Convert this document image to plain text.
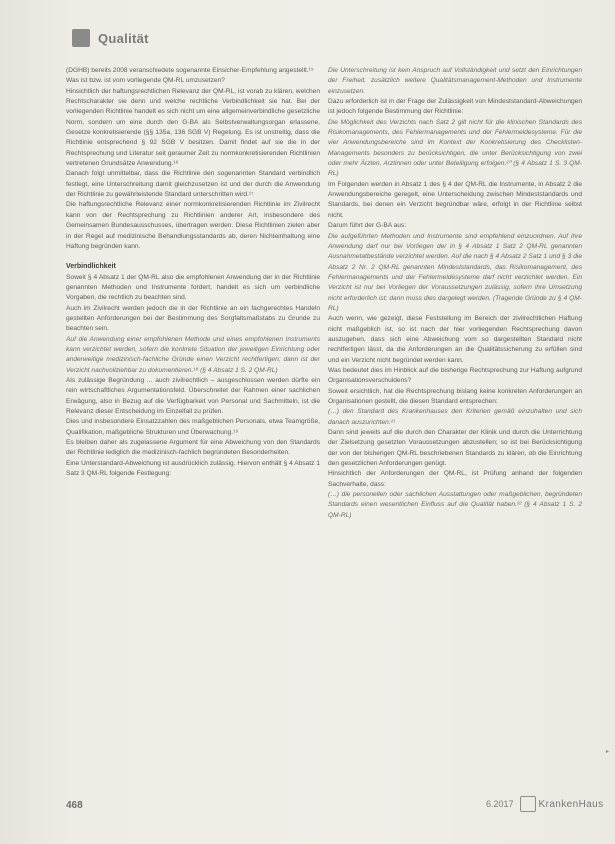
Qualität

(DGHB) bereits 2008 veranschiedete sogenannte Einsicher-Empfehlung angestellt.¹⁵

Was ist bzw. ist vom vorliegende QM-RL umzusetzen?

Hinsichtlich der haftungsrechtlichen Relevanz der QM-RL, ist vorab zu klären, welchen Rechtscharakter sie denn und welche rechtliche Verbindlichkeit sie hat. Bei der vorliegenden Richtlinie handelt es sich nicht um eine allgemeinverbindliche gesetzliche Norm, sondern um eine durch den G-BA als Selbstverwaltungsorgan erlassene, Gesetze konkretisierende (§§ 135a, 136 SGB V) Regelung. Es ist unstreitig, dass die Richtlinie entsprechend § 92 SGB V besitzen. Damit findet auf sie die in der Rechtsprechung und Literatur seit geraumer Zeit zu normkonkretisierenden Richtlinien vertretenen Grundsätze Anwendung.¹⁶

Danach folgt unmittelbar, dass die Richtlinie den sogenannten Standard verbindlich festlegt, eine Unterschreitung damit gleichzusetzen ist und der durch die Anwendung der Richtlinie zu gewährleistende Standard unterschritten wird.¹⁷

Die haftungsrechtliche Relevanz einer normkonkretisierenden Richtlinie im Zivilrecht kann von der Rechtsprechung zu Richtlinien anderer Art, insbesondere des Gemeinsamen Bundesausschusses, übertragen werden. Diese Richtlinien zielen aber in der Regel auf medizinische Behandlungsstandards ab, deren Nichteinhaltung eine Haftung begründen kann.

Verbindlichkeit

Soweit § 4 Absatz 1 der QM-RL also die empfohlenen Anwendung der in der Richtlinie genannten Methoden und Instrumente fordert, handelt es sich um verbindliche Vorgaben, die rechtlich zu beachten sind.

Auch im Zivilrecht werden jedoch die in der Richtlinie an ein fachgerechtes Handeln gestellten Anforderungen bei der Bestimmung des Sorgfaltsmaßstabs zu Grunde zu beachten sein.

Auf die Anwendung einer empfohlenen Methode und eines empfohlenen Instruments kann verzichtet werden, sofern die konkrete Situation der jeweiligen Einrichtung oder anderweitige medizinisch-fachliche Gründe einen Verzicht rechtfertigen; dann ist der Verzicht nachvollziehbar zu dokumentieren.¹⁸ (§ 4 Absatz 1 S. 2 QM-RL)

Als zulässige Begründung ... auch zivilrechtlich – ausgeschlossen werden dürfte ein rein wirtschaftliches Argumentationsfeld. Überschreitet der Rahmen einer sachlichen Erwägung, also in Bezug auf die Verfügbarkeit von Personal und Sachmitteln, ist die Relevanz dieser Entscheidung im Einzelfall zu prüfen.

Dies und insbesondere Einsatzzahlen des maßgeblichen Personals, etwa Teamgröße, Qualifikation, maßgebliche Strukturen und Überwachung.¹⁹

Es bleiben daher als zugelassene Argument für eine Abweichung von den Standards der Richtlinie lediglich die medizinisch-fachlich begründeten Besonderheiten.

Eine Unterstandard-Abweichung ist ausdrücklich zulässig. Hiervon enthält § 4 Absatz 1 Satz 3 QM-RL folgende Festlegung:

Die Unterschreitung ist kein Anspruch auf Vollständigkeit und setzt den Einrichtungen der Freiheit, zusätzlich weitere Qualitätsmanagement-Methoden und Instrumente einzusetzen.

Dazu erforderlich ist in der Frage der Zulässigkeit von Mindeststandard-Abweichungen ist jedoch folgende Bestimmung der Richtlinie:

Die Möglichkeit des Verzichts nach Satz 2 gilt nicht für die klinischen Standards des Risikomanagements, des Fehlermanagements und der Fehlermeldesysteme. Für die vier Anwendungsbereiche sind im Kontext der Konkretisierung des Checklisten-Managements besonders zu berücksichtigen, die unter Berücksichtigung von zwei oder mehr Ärzten, Arztinnen oder unter Beteiligung erfolgen.²⁰ (§ 4 Absatz 1 S. 3 QM-RL)

Im Folgenden werden in Absatz 1 des § 4 der QM-RL die Instrumente, in Absatz 2 die Anwendungsbereiche geregelt, eine Unterscheidung zwischen Mindeststandards und Standards, bei denen ein Verzicht begründbar wäre, erfolgt in der Richtlinie selbst nicht.

Darum führt der G-BA aus:

Die aufgeführten Methoden und Instrumente sind empfehlend einzuordnen. Auf ihre Anwendung darf nur bei Vorliegen der in § 4 Absatz 1 Satz 2 QM-RL genannten Ausnahmetatbestände verzichtet werden. Auf die nach § 4 Absatz 2 Satz 1 und § 3 die Absatz 2 Nr. 2 QM-RL genannten Mindeststandards, das Risikomanagement, des Fehlermanagements und der Fehlermeldesysteme darf nicht verzichtet werden. Ein Verzicht ist nur bei Vorliegen der Voraussetzungen zulässig, sofern ihre Umsetzung nicht erforderlich ist; dann muss dies dargelegt werden. (Tragende Gründe zu § 4 QM-RL)

Auch wenn, wie gezeigt, diese Feststellung im Bereich der zivilrechtlichen Haftung nicht maßgeblich ist, so ist nach der hier vorliegenden Rechtsprechung davon auszugehen, dass sich eine Abweichung vom so dargestellten Standard nicht rechtfertigen lässt, da die Anforderungen an die Qualitätssicherung zu erfüllen sind und ein Verzicht nicht begründet werden kann.

Was bedeutet dies im Hinblick auf die bisherige Rechtsprechung zur Haftung aufgrund Organisationsverschuldens?

Soweit ersichtlich, hat die Rechtsprechung bislang keine konkreten Anforderungen an Organisationen gestellt, die diesen Standard entsprechen:

(…) den Standard des Krankenhauses den Kriterien gemäß einzuhalten und sich danach auszurichten.²¹

Dann sind jeweils auf die durch den Charakter der Klinik und durch die Unterrichtung der Zielsetzung gesetzten Voraussetzungen abzustellen; so ist bei Berücksichtigung der von der bisherigen QM-RL beschriebenen Standards zu klären, ob die Einrichtung den gesetzlichen Anforderungen genügt.

Hinsichtlich der Anforderungen der QM-RL, ist Prüfung anhand der folgenden Sachverhalte, dass:

(…) die personellen oder sachlichen Ausstattungen oder maßgeblichen, begründeten Standards einen wesentlichen Einfluss auf die Qualität haben.²² (§ 4 Absatz 1 S. 2 QM-RL)

468	6.2017	KrankenHaus
▸
